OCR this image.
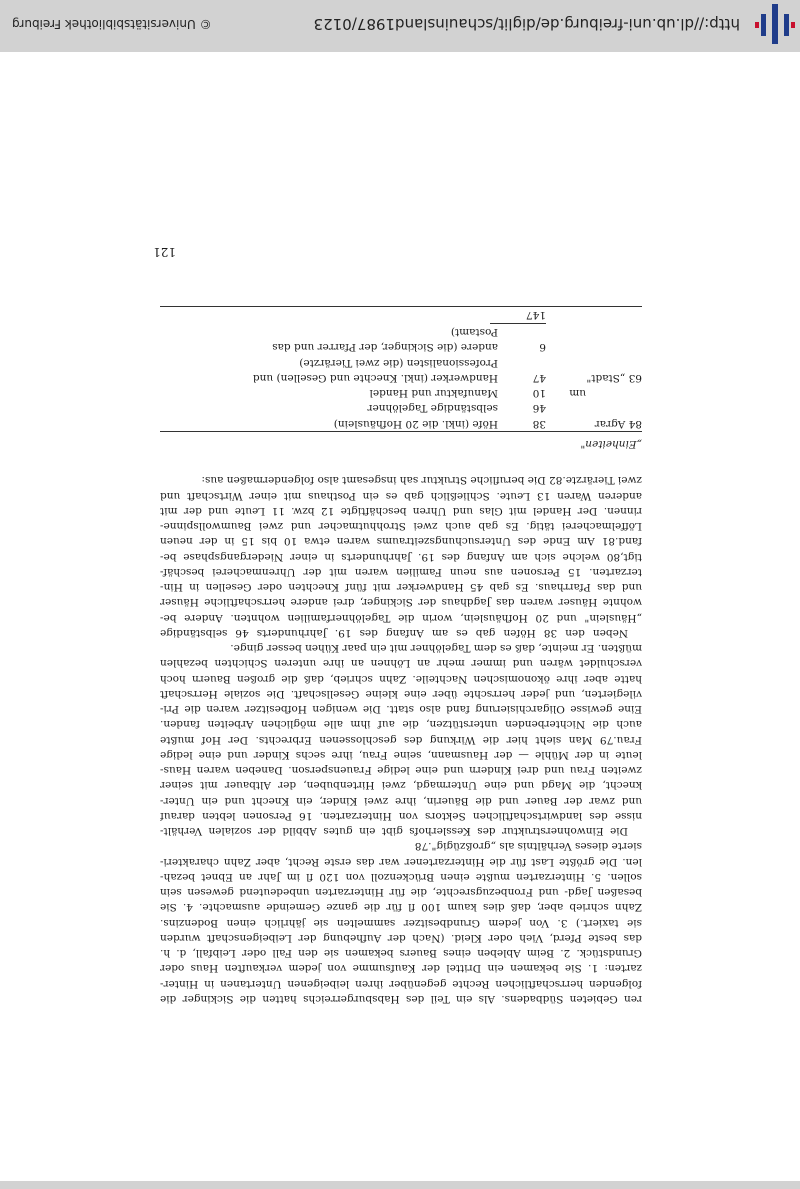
ren Gebieten Südbadens. Als ein Teil des Habsburgerreichs hatten die Sickinger die
folgenden herrschaftlichen Rechte gegenüber ihren leibeigenen Untertanen in Hinter-
zarten: 1. Sie bekamen ein Drittel der Kaufsumme von jedem verkauften Haus oder
Grundstück. 2. Beim Ableben eines Bauers bekamen sie den Fall oder Leibfall, d. h.
das beste Pferd, Vieh oder Kleid. (Nach der Aufhebung der Leibeigenschaft wurden
sie taxiert.) 3. Von jedem Grundbesitzer sammelten sie jährlich einen Bodenzins.
Zahn schrieb aber, daß dies kaum 100 fl für die ganze Gemeinde ausmachte. 4. Sie
besaßen Jagd- und Fronbezugsrechte, die für Hinterzarten unbedeutend gewesen sein
sollen. 5. Hinterzarten mußte einen Brückenzoll von 120 fl im Jahr an Ebnet bezah-
len. Die größte Last für die Hinterzartener war das erste Recht, aber Zahn charakteri-
sierte dieses Verhältnis als „großzügig".78
Die Einwohnerstruktur des Kesslerhofs gibt ein gutes Abbild der sozialen Verhält-
nisse des landwirtschaftlichen Sektors von Hinterzarten. 16 Personen lebten darauf
und zwar der Bauer und die Bäuerin, ihre zwei Kinder, ein Knecht und ein Unter-
knecht, die Magd und eine Untermagd, zwei Hirtenbuben, der Altbauer mit seiner
zweiten Frau und drei Kindern und eine ledige Frauensperson. Daneben waren Haus-
leute in der Mühle — der Hausmann, seine Frau, ihre sechs Kinder und eine ledige
Frau.79 Man sieht hier die Wirkung des geschlossenen Erbrechts. Der Hof mußte
auch die Nichterbenden unterstützen, die auf ihm alle möglichen Arbeiten fanden.
Eine gewisse Oligarchisierung fand also statt. Die wenigen Hofbesitzer waren die Pri-
vilegierten, und jeder herrschte über eine kleine Gesellschaft. Die soziale Herrschaft
hatte aber ihre ökonomischen Nachteile. Zahn schrieb, daß die großen Bauern hoch
verschuldet wären und immer mehr an Löhnen an ihre unteren Schichten bezahlen
müßten. Er meinte, daß es dem Tagelöhner mit ein paar Kühen besser ginge.
Neben den 38 Höfen gab es am Anfang des 19. Jahrhunderts 46 selbständige
„Häuslein" und 20 Hofhäuslein, worin die Tagelöhnerfamilien wohnten. Andere be-
wohnte Häuser waren das Jagdhaus der Sickinger, drei andere herrschaftliche Häuser
und das Pfarrhaus. Es gab 45 Handwerker mit fünf Knechten oder Gesellen in Hin-
terzarten. 15 Personen aus neun Familien waren mit der Uhrenmacherei beschäf-
tigt,80 welche sich am Anfang des 19. Jahrhunderts in einer Niedergangsphase be-
fand.81 Am Ende des Untersuchungszeitraums waren etwa 10 bis 15 in der neuen
Löffelmacherei tätig. Es gab auch zwei Strohhutmacher und zwei Baumwollspinne-
rinnen. Der Handel mit Glas und Uhren beschäftigte 12 bzw. 11 Leute und der mit
anderen Waren 13 Leute. Schließlich gab es ein Posthaus mit einer Wirtschaft und
zwei Tierärzte.82 Die berufliche Struktur sah insgesamt also folgendermaßen aus:
„Einheiten"
84 Agrar		38	Höfe (inkl. die 20 Hofhäuslein)
		46	selbständige Tagelöhner
	um	10	Manufaktur und Handel
63 „Stadt"		47	Handwerker (inkl. Knechte und Gesellen) und
			Professionalisten (die zwei Tierärzte)
		6	andere (die Sickinger, der Pfarrer und das
			Postamt)
		147	
121
http://dl.ub.uni-freiburg.de/diglit/schauinsland1987/0123
© Universitätsbibliothek Freiburg
